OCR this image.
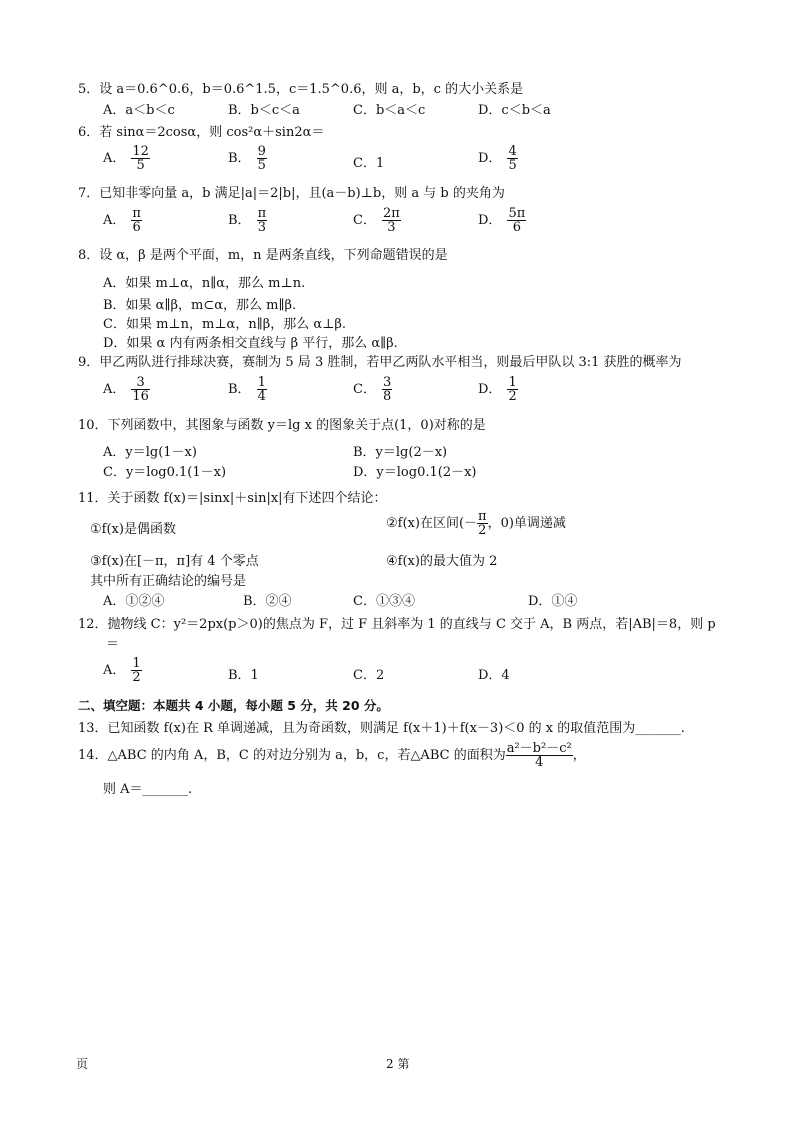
5．设 a＝0.6^0.6，b＝0.6^1.5，c＝1.5^0.6，则 a，b，c 的大小关系是
A．a＜b＜c	B．b＜c＜a	C．b＜a＜c	D．c＜b＜a
6．若 sinα＝2cosα，则 cos²α＋sin2α＝
A． $\frac{12}{5}$	B． $\frac{9}{5}$	C．1	D． $\frac{4}{5}$
7．已知非零向量 a，b 满足|a|＝2|b|，且(a－b)⊥b，则 a 与 b 的夹角为
A． $\frac{\pi}{6}$	B． $\frac{\pi}{3}$	C． $\frac{2\pi}{3}$	D． $\frac{5\pi}{6}$
8．设 α，β 是两个平面，m，n 是两条直线，下列命题错误的是
A．如果 m⊥α，n∥α，那么 m⊥n.
B．如果 α∥β，m⊂α，那么 m∥β.
C．如果 m⊥n，m⊥α，n∥β，那么 α⊥β.
D．如果 α 内有两条相交直线与 β 平行，那么 α∥β.
9．甲乙两队进行排球决赛，赛制为 5 局 3 胜制，若甲乙两队水平相当，则最后甲队以 3:1 获胜的概率为
A． $\frac{3}{16}$	B． $\frac{1}{4}$	C． $\frac{3}{8}$	D． $\frac{1}{2}$
10．下列函数中，其图象与函数 y＝lg x 的图象关于点(1，0)对称的是
A．y＝lg(1－x)	B．y＝lg(2－x)
C．y＝log0.1(1－x)	D．y＝log0.1(2－x)
11．关于函数 f(x)＝|sinx|＋sin|x|有下述四个结论：
①f(x)是偶函数	②f(x)在区间(－ $\frac{\pi}{2}$ ，0)单调递减
③f(x)在[－π，π]有 4 个零点	④f(x)的最大值为 2
其中所有正确结论的编号是
A．①②④	B．②④	C．①③④	D．①④
12．抛物线 C：y²＝2px(p＞0)的焦点为 F，过 F 且斜率为 1 的直线与 C 交于 A，B 两点，若|AB|＝8，则 p
＝
A． $\frac{1}{2}$	B．1	C．2	D．4
二、填空题：本题共 4 小题，每小题 5 分，共 20 分。
13．已知函数 f(x)在 R 单调递减，且为奇函数，则满足 f(x＋1)＋f(x－3)＜0 的 x 的取值范围为_______.
14．△ABC 的内角 A，B，C 的对边分别为 a，b，c，若△ABC 的面积为 $\frac{\text{a²－b²－c²}}{4}$ ，
则 A＝_______.
页	2 第
